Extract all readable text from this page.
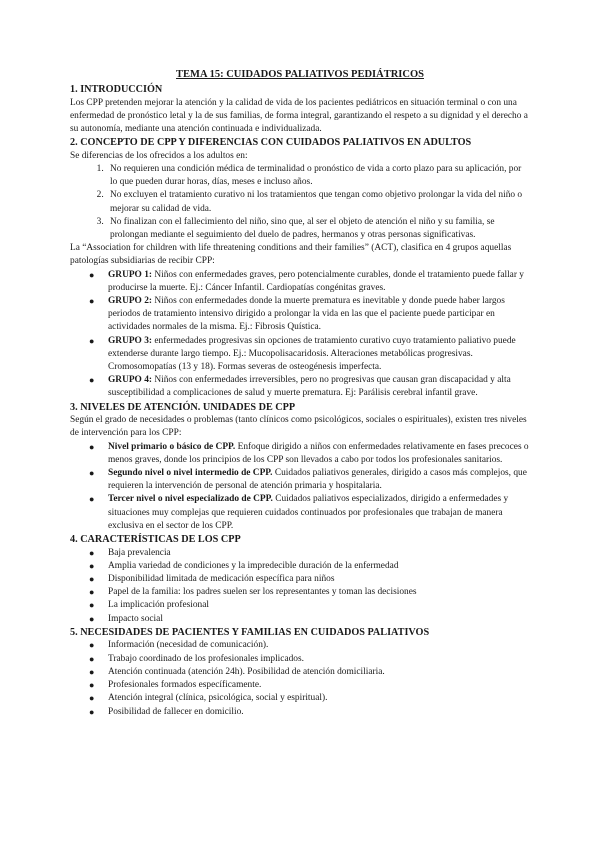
TEMA 15: CUIDADOS PALIATIVOS PEDIÁTRICOS
1. INTRODUCCIÓN

Los CPP pretenden mejorar la atención y la calidad de vida de los pacientes pediátricos en situación terminal o con una enfermedad de pronóstico letal y la de sus familias, de forma integral, garantizando el respeto a su dignidad y el derecho a su autonomía, mediante una atención continuada e individualizada.

2. CONCEPTO DE CPP Y DIFERENCIAS CON CUIDADOS PALIATIVOS EN ADULTOS

Se diferencias de los ofrecidos a los adultos en:

1. No requieren una condición médica de terminalidad o pronóstico de vida a corto plazo para su aplicación, por lo que pueden durar horas, días, meses e incluso años.
2. No excluyen el tratamiento curativo ni los tratamientos que tengan como objetivo prolongar la vida del niño o mejorar su calidad de vida.
3. No finalizan con el fallecimiento del niño, sino que, al ser el objeto de atención el niño y su familia, se prolongan mediante el seguimiento del duelo de padres, hermanos y otras personas significativas.

La “Association for children with life threatening conditions and their families” (ACT), clasifica en 4 grupos aquellas patologías subsidiarias de recibir CPP:

● GRUPO 1: Niños con enfermedades graves, pero potencialmente curables, donde el tratamiento puede fallar y producirse la muerte. Ej.: Cáncer Infantil. Cardiopatías congénitas graves.
● GRUPO 2: Niños con enfermedades donde la muerte prematura es inevitable y donde puede haber largos periodos de tratamiento intensivo dirigido a prolongar la vida en las que el paciente puede participar en actividades normales de la misma. Ej.: Fibrosis Quística.
● GRUPO 3: enfermedades progresivas sin opciones de tratamiento curativo cuyo tratamiento paliativo puede extenderse durante largo tiempo. Ej.: Mucopolisacaridosis. Alteraciones metabólicas progresivas. Cromosomopatías (13 y 18). Formas severas de osteogénesis imperfecta.
● GRUPO 4: Niños con enfermedades irreversibles, pero no progresivas que causan gran discapacidad y alta susceptibilidad a complicaciones de salud y muerte prematura. Ej: Parálisis cerebral infantil grave.
3. NIVELES DE ATENCIÓN. UNIDADES DE CPP

Según el grado de necesidades o problemas (tanto clínicos como psicológicos, sociales o espirituales), existen tres niveles de intervención para los CPP:

● Nivel primario o básico de CPP. Enfoque dirigido a niños con enfermedades relativamente en fases precoces o menos graves, donde los principios de los CPP son llevados a cabo por todos los profesionales sanitarios.
● Segundo nivel o nivel intermedio de CPP. Cuidados paliativos generales, dirigido a casos más complejos, que requieren la intervención de personal de atención primaria y hospitalaria.
● Tercer nivel o nivel especializado de CPP. Cuidados paliativos especializados, dirigido a enfermedades y situaciones muy complejas que requieren cuidados continuados por profesionales que trabajan de manera exclusiva en el sector de los CPP.
4. CARACTERÍSTICAS DE LOS CPP
● Baja prevalencia
● Amplia variedad de condiciones y la impredecible duración de la enfermedad
● Disponibilidad limitada de medicación específica para niños
● Papel de la familia: los padres suelen ser los representantes y toman las decisiones
● La implicación profesional
● Impacto social
5. NECESIDADES DE PACIENTES Y FAMILIAS EN CUIDADOS PALIATIVOS
● Información (necesidad de comunicación).
● Trabajo coordinado de los profesionales implicados.
● Atención continuada (atención 24h). Posibilidad de atención domiciliaria.
● Profesionales formados específicamente.
● Atención integral (clínica, psicológica, social y espiritual).
● Posibilidad de fallecer en domicilio.
